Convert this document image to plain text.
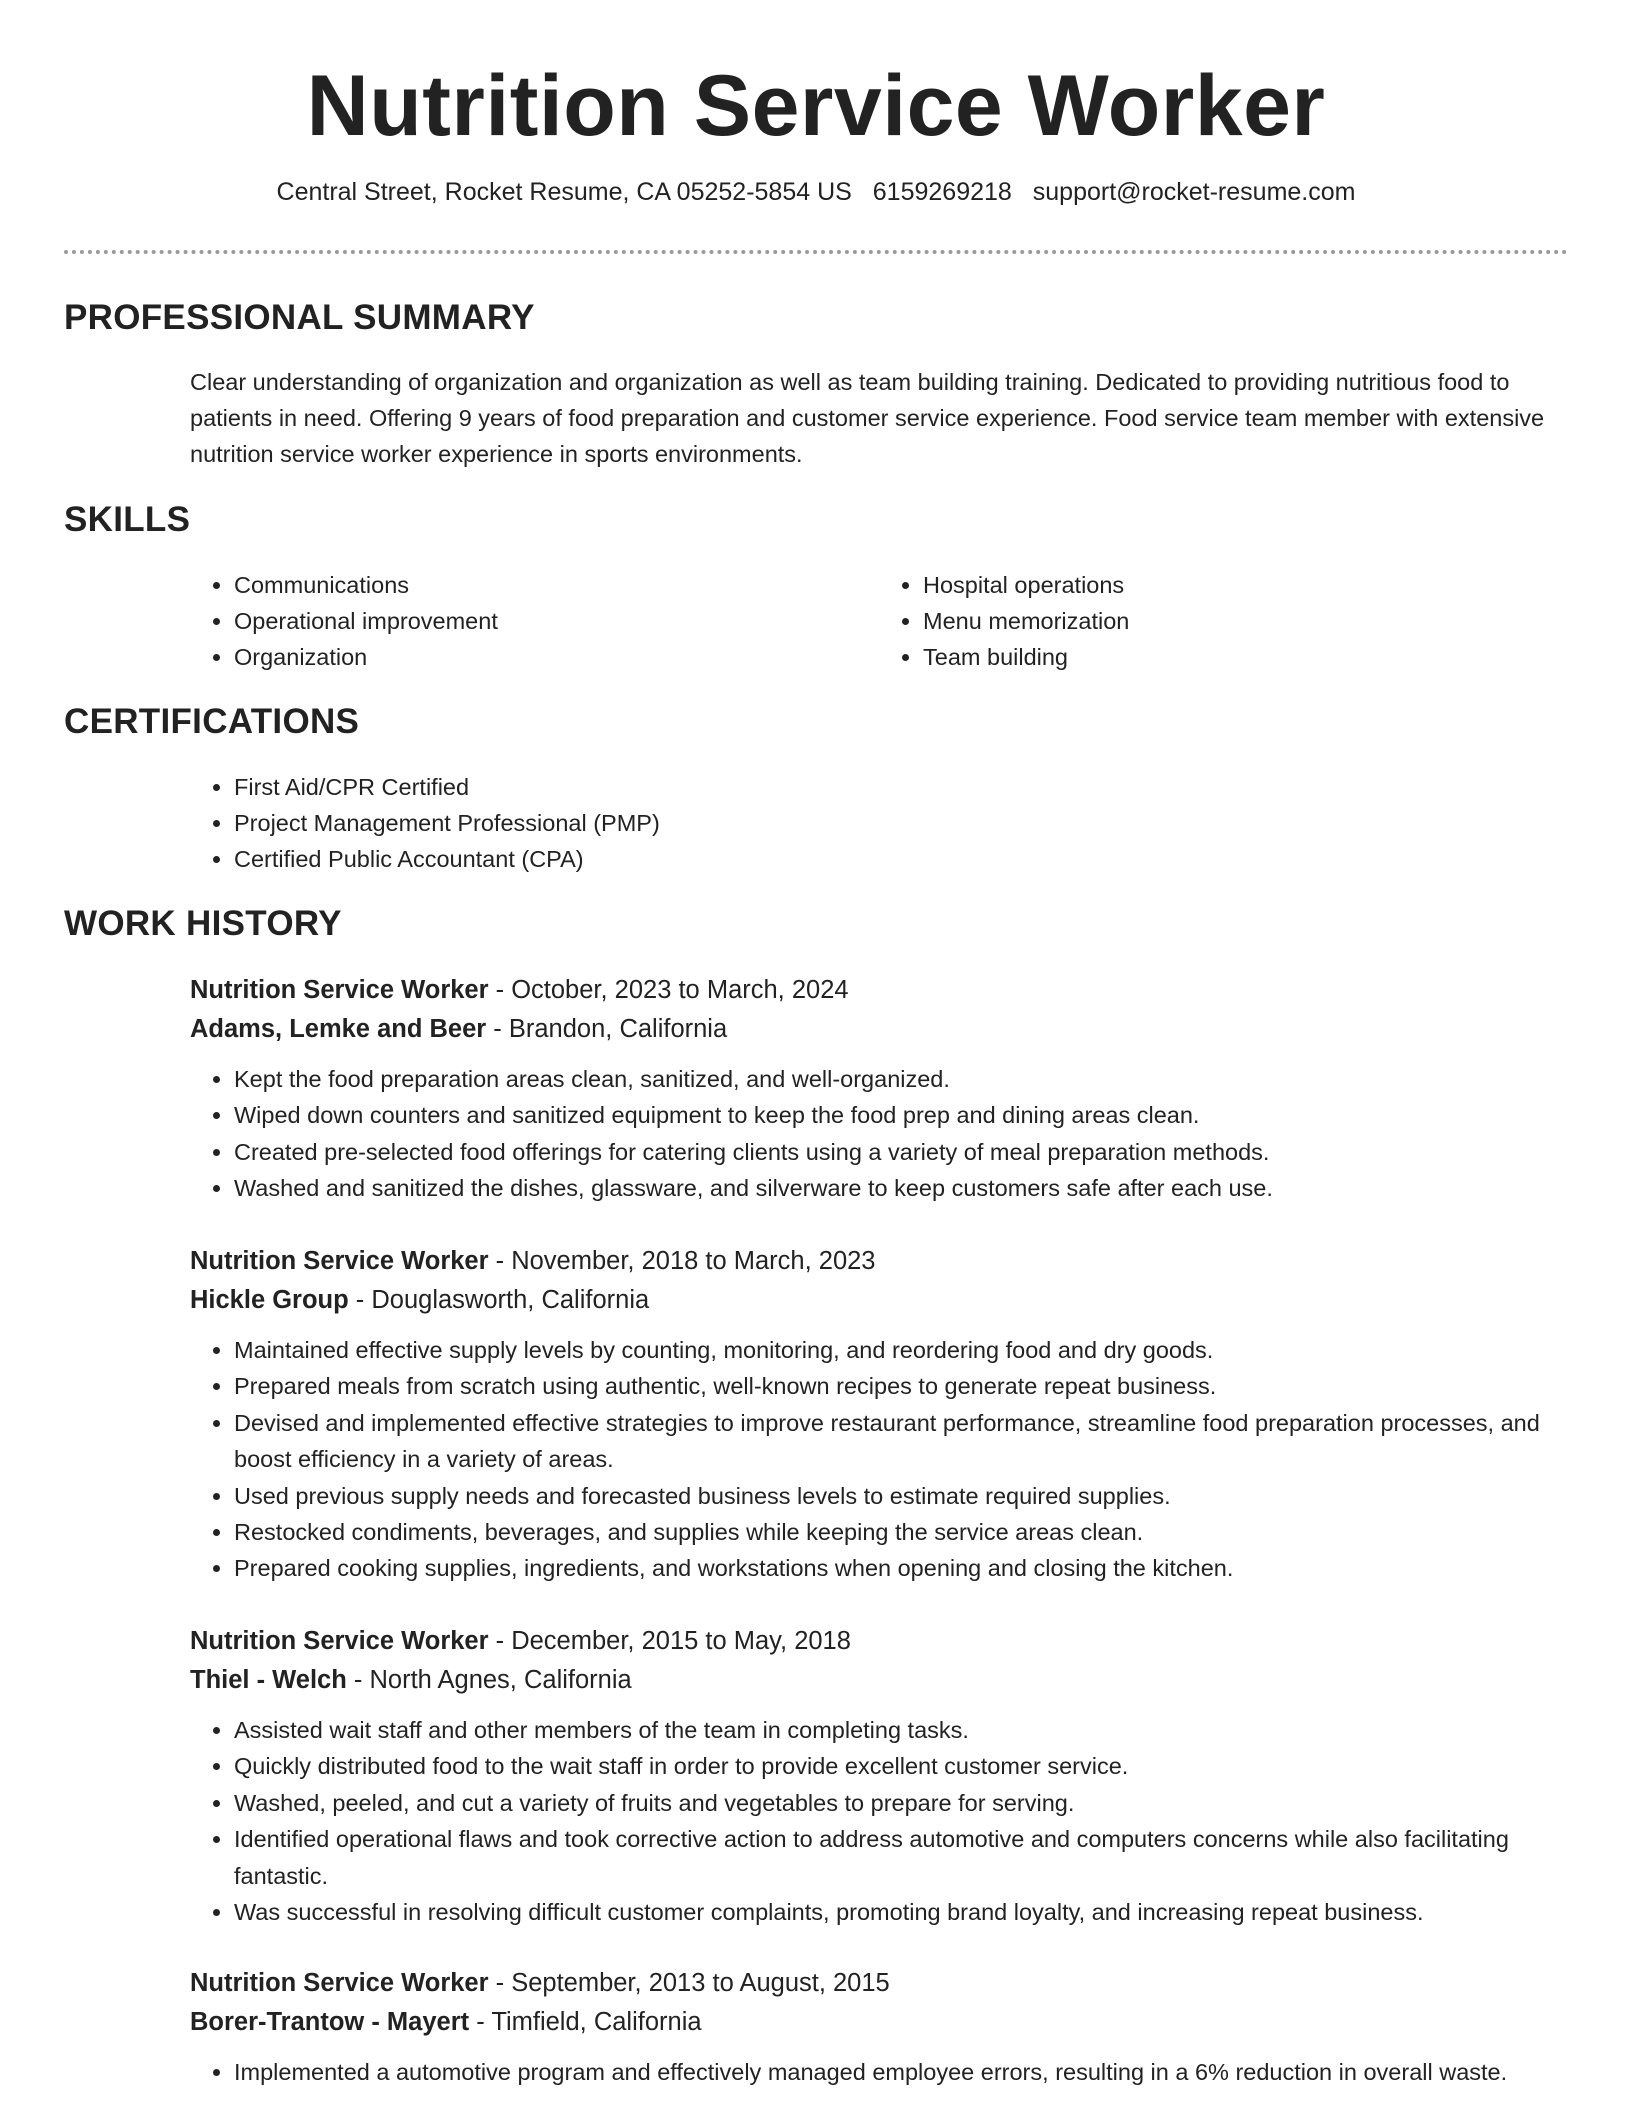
Nutrition Service Worker
Central Street, Rocket Resume, CA 05252-5854 US 6159269218 support@rocket-resume.com
PROFESSIONAL SUMMARY
Clear understanding of organization and organization as well as team building training. Dedicated to providing nutritious food to patients in need. Offering 9 years of food preparation and customer service experience. Food service team member with extensive nutrition service worker experience in sports environments.
SKILLS
• Communications
• Operational improvement
• Organization
• Hospital operations
• Menu memorization
• Team building
CERTIFICATIONS
• First Aid/CPR Certified
• Project Management Professional (PMP)
• Certified Public Accountant (CPA)
WORK HISTORY
Nutrition Service Worker - October, 2023 to March, 2024
Adams, Lemke and Beer - Brandon, California
• Kept the food preparation areas clean, sanitized, and well-organized.
• Wiped down counters and sanitized equipment to keep the food prep and dining areas clean.
• Created pre-selected food offerings for catering clients using a variety of meal preparation methods.
• Washed and sanitized the dishes, glassware, and silverware to keep customers safe after each use.
Nutrition Service Worker - November, 2018 to March, 2023
Hickle Group - Douglasworth, California
• Maintained effective supply levels by counting, monitoring, and reordering food and dry goods.
• Prepared meals from scratch using authentic, well-known recipes to generate repeat business.
• Devised and implemented effective strategies to improve restaurant performance, streamline food preparation processes, and boost efficiency in a variety of areas.
• Used previous supply needs and forecasted business levels to estimate required supplies.
• Restocked condiments, beverages, and supplies while keeping the service areas clean.
• Prepared cooking supplies, ingredients, and workstations when opening and closing the kitchen.
Nutrition Service Worker - December, 2015 to May, 2018
Thiel - Welch - North Agnes, California
• Assisted wait staff and other members of the team in completing tasks.
• Quickly distributed food to the wait staff in order to provide excellent customer service.
• Washed, peeled, and cut a variety of fruits and vegetables to prepare for serving.
• Identified operational flaws and took corrective action to address automotive and computers concerns while also facilitating fantastic.
• Was successful in resolving difficult customer complaints, promoting brand loyalty, and increasing repeat business.
Nutrition Service Worker - September, 2013 to August, 2015
Borer-Trantow - Mayert - Timfield, California
• Implemented a automotive program and effectively managed employee errors, resulting in a 6% reduction in overall waste.
